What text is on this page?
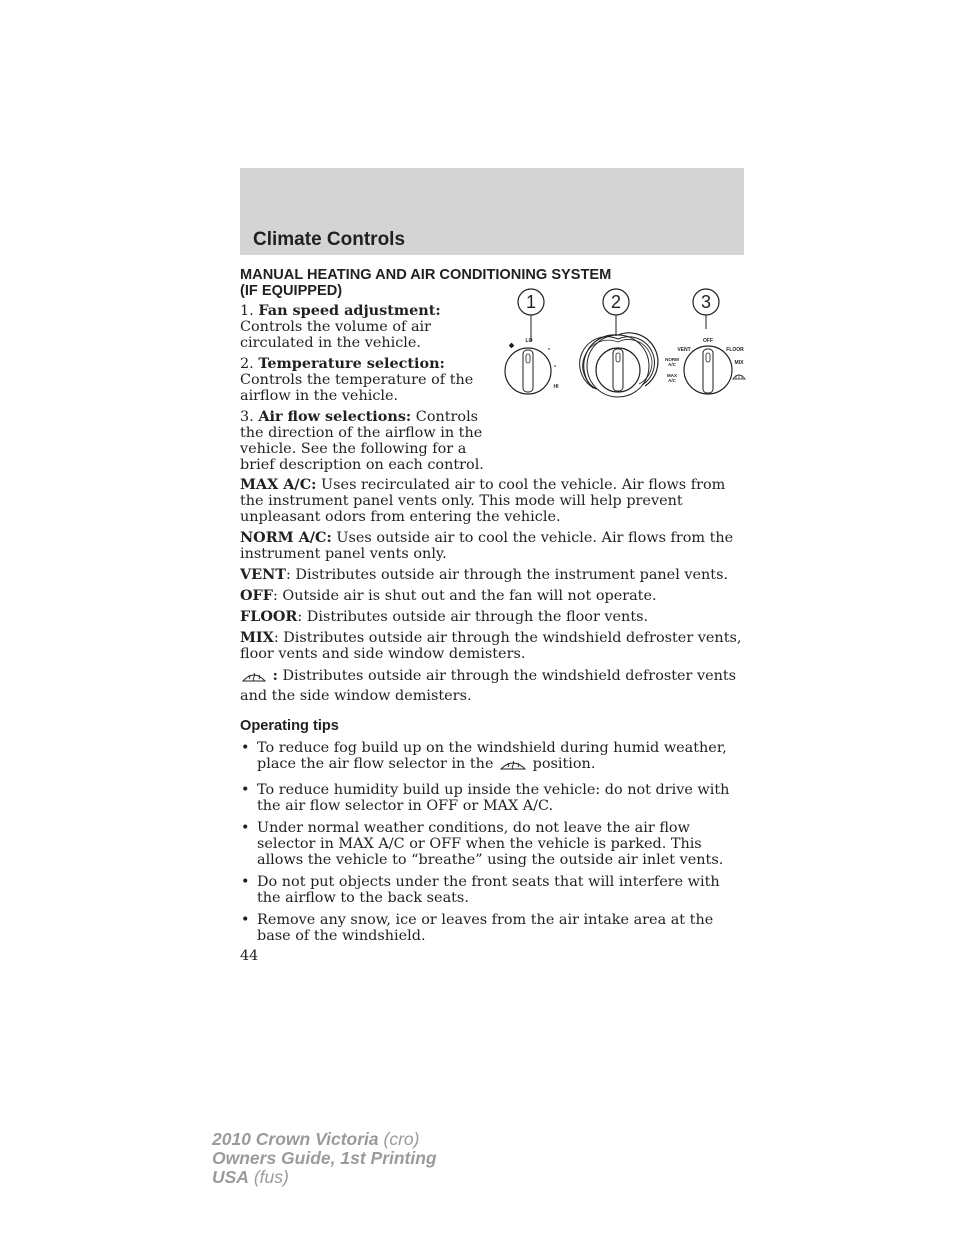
Climate Controls
1	2	3
LO
HI
OFF
VENT	FLOOR
NORM
A/C
MAX
A/C
MIX

MANUAL HEATING AND AIR CONDITIONING SYSTEM

(IF EQUIPPED)

1. Fan speed adjustment: Controls the volume of air circulated in the vehicle.

2. Temperature selection: Controls the temperature of the airflow in the vehicle.

3. Air flow selections: Controls the direction of the airflow in the vehicle. See the following for a brief description on each control.

MAX A/C: Uses recirculated air to cool the vehicle. Air flows from the instrument panel vents only. This mode will help prevent unpleasant odors from entering the vehicle.

NORM A/C: Uses outside air to cool the vehicle. Air flows from the instrument panel vents only.

VENT: Distributes outside air through the instrument panel vents.

OFF: Outside air is shut out and the fan will not operate.

FLOOR: Distributes outside air through the floor vents.

MIX: Distributes outside air through the windshield defroster vents, floor vents and side window demisters.

: Distributes outside air through the windshield defroster vents and the side window demisters.

Operating tips

• To reduce fog build up on the windshield during humid weather, place the air flow selector in the	position.
• To reduce humidity build up inside the vehicle: do not drive with the air flow selector in OFF or MAX A/C.
• Under normal weather conditions, do not leave the air flow selector in MAX A/C or OFF when the vehicle is parked. This allows the vehicle to “breathe” using the outside air inlet vents.
• Do not put objects under the front seats that will interfere with the airflow to the back seats.
• Remove any snow, ice or leaves from the air intake area at the base of the windshield.

44

2010 Crown Victoria (cro)
Owners Guide, 1st Printing
USA (fus)
